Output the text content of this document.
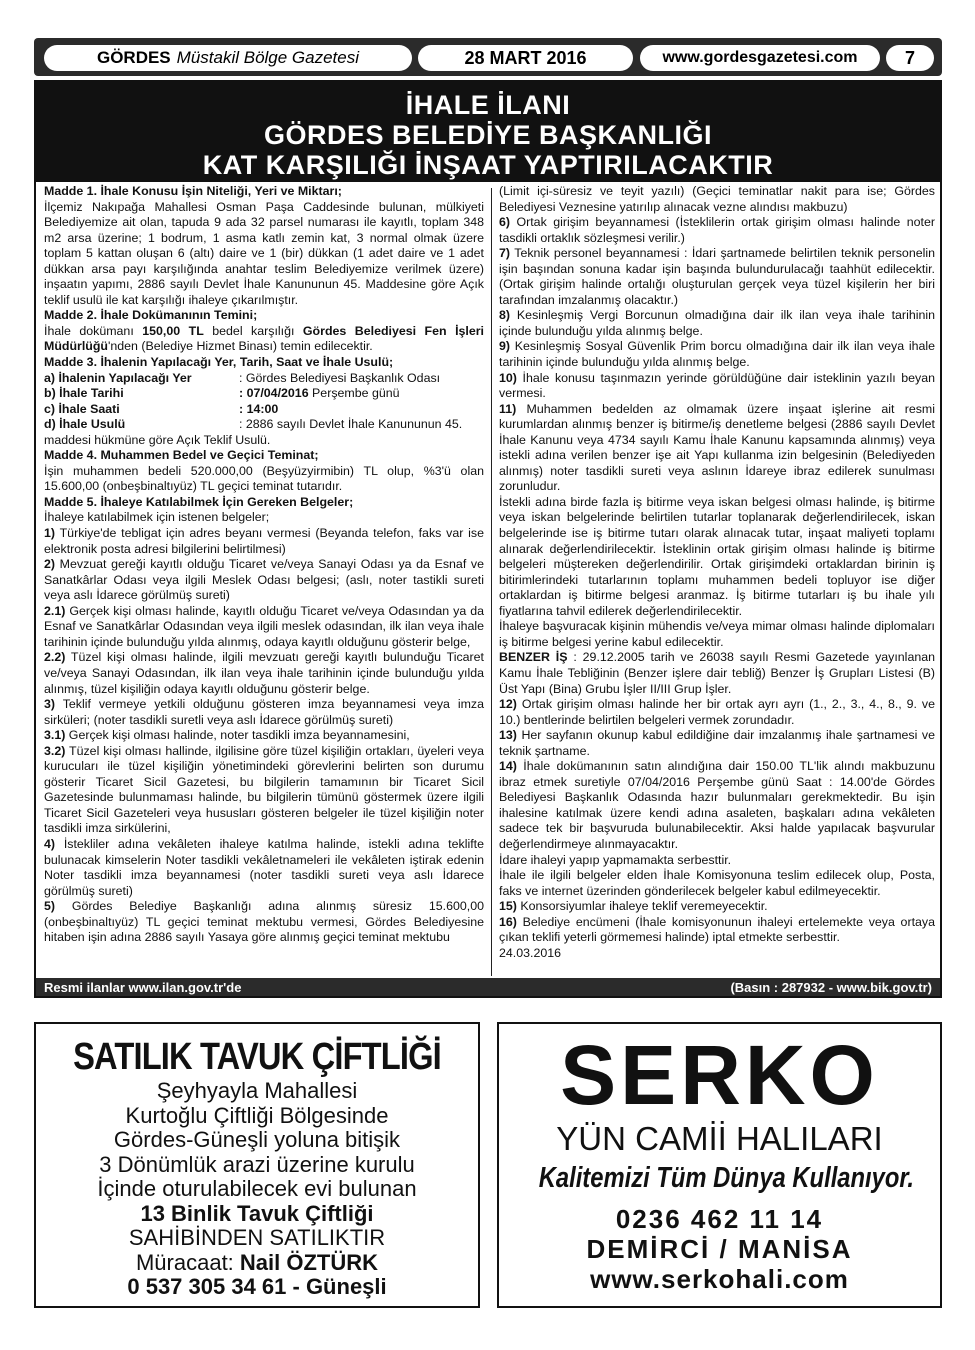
GÖRDES Müstakil Bölge Gazetesi	28 MART 2016	www.gordesgazetesi.com	7
İHALE İLANI
GÖRDES BELEDİYE BAŞKANLIĞI
KAT KARŞILIĞI İNŞAAT YAPTIRILACAKTIR
Madde 1. İhale Konusu İşin Niteliği, Yeri ve Miktarı;
İlçemiz Nakıpağa Mahallesi Osman Paşa Caddesinde bulunan, mülkiyeti Belediyemize ait olan, tapuda 9 ada 32 parsel numarası ile kayıtlı, toplam 348 m2 arsa üzerine; 1 bodrum, 1 asma katlı zemin kat, 3 normal olmak üzere toplam 5 kattan oluşan 6 (altı) daire ve 1 (bir) dükkan (1 adet daire ve 1 adet dükkan arsa payı karşılığında anahtar teslim Belediyemize verilmek üzere) inşaatın yapımı, 2886 sayılı Devlet İhale Kanununun 45. Maddesine göre Açık teklif usulü ile kat karşılığı ihaleye çıkarılmıştır.
Madde 2. İhale Dokümanının Temini;
İhale dokümanı 150,00 TL bedel karşılığı Gördes Belediyesi Fen İşleri Müdürlüğü'nden (Belediye Hizmet Binası) temin edilecektir.
Madde 3. İhalenin Yapılacağı Yer, Tarih, Saat ve İhale Usulü;
a) İhalenin Yapılacağı Yer	: Gördes Belediyesi Başkanlık Odası
b) İhale Tarihi	: 07/04/2016 Perşembe günü
c) İhale Saati	: 14:00
d) İhale Usulü	: 2886 sayılı Devlet İhale Kanununun 45.
maddesi hükmüne göre Açık Teklif Usulü.
Madde 4. Muhammen Bedel ve Geçici Teminat;
İşin muhammen bedeli 520.000,00 (Beşyüzyirmibin) TL olup, %3'ü olan 15.600,00 (onbeşbinaltıyüz) TL geçici teminat tutarıdır.
Madde 5. İhaleye Katılabilmek İçin Gereken Belgeler;
İhaleye katılabilmek için istenen belgeler;
1) Türkiye'de tebligat için adres beyanı vermesi (Beyanda telefon, faks var ise elektronik posta adresi bilgilerini belirtilmesi)
2) Mevzuat gereği kayıtlı olduğu Ticaret ve/veya Sanayi Odası ya da Esnaf ve Sanatkârlar Odası veya ilgili Meslek Odası belgesi; (aslı, noter tastikli sureti veya aslı İdarece görülmüş sureti)
2.1) Gerçek kişi olması halinde, kayıtlı olduğu Ticaret ve/veya Odasından ya da Esnaf ve Sanatkârlar Odasından veya ilgili meslek odasından, ilk ilan veya ihale tarihinin içinde bulunduğu yılda alınmış, odaya kayıtlı olduğunu gösterir belge,
2.2) Tüzel kişi olması halinde, ilgili mevzuatı gereği kayıtlı bulunduğu Ticaret ve/veya Sanayi Odasından, ilk ilan veya ihale tarihinin içinde bulunduğu yılda alınmış, tüzel kişiliğin odaya kayıtlı olduğunu gösterir belge.
3) Teklif vermeye yetkili olduğunu gösteren imza beyannamesi veya imza sirküleri; (noter tasdikli suretli veya aslı İdarece görülmüş sureti)
3.1) Gerçek kişi olması halinde, noter tasdikli imza beyannamesini,
3.2) Tüzel kişi olması hallinde, ilgilisine göre tüzel kişiliğin ortakları, üyeleri veya kurucuları ile tüzel kişiliğin yönetimindeki görevlerini belirten son durumu gösterir Ticaret Sicil Gazetesi, bu bilgilerin tamamının bir Ticaret Sicil Gazetesinde bulunmaması halinde, bu bilgilerin tümünü göstermek üzere ilgili Ticaret Sicil Gazeteleri veya hususları gösteren belgeler ile tüzel kişiliğin noter tasdikli imza sirkülerini,
4) İstekliler adına vekâleten ihaleye katılma halinde, istekli adına teklifte bulunacak kimselerin Noter tasdikli vekâletnameleri ile vekâleten iştirak edenin Noter tasdikli imza beyannamesi (noter tasdikli sureti veya aslı İdarece görülmüş sureti)
5) Gördes Belediye Başkanlığı adına alınmış süresiz 15.600,00 (onbeşbinaltıyüz) TL geçici teminat mektubu vermesi, Gördes Belediyesine hitaben işin adına 2886 sayılı Yasaya göre alınmış geçici teminat mektubu
(Limit içi-süresiz ve teyit yazılı) (Geçici teminatlar nakit para ise; Gördes Belediyesi Veznesine yatırılıp alınacak vezne alındısı makbuzu)
6) Ortak girişim beyannamesi (İsteklilerin ortak girişim olması halinde noter tasdikli ortaklık sözleşmesi verilir.)
7) Teknik personel beyannamesi : İdari şartnamede belirtilen teknik personelin işin başından sonuna kadar işin başında bulundurulacağı taahhüt edilecektir. (Ortak girişim halinde ortalığı oluşturulan gerçek veya tüzel kişilerin her biri tarafından imzalanmış olacaktır.)
8) Kesinleşmiş Vergi Borcunun olmadığına dair ilk ilan veya ihale tarihinin içinde bulunduğu yılda alınmış belge.
9) Kesinleşmiş Sosyal Güvenlik Prim borcu olmadığına dair ilk ilan veya ihale tarihinin içinde bulunduğu yılda alınmış belge.
10) İhale konusu taşınmazın yerinde görüldüğüne dair isteklinin yazılı beyan vermesi.
11) Muhammen bedelden az olmamak üzere inşaat işlerine ait resmi kurumlardan alınmış benzer iş bitirme/iş denetleme belgesi (2886 sayılı Devlet İhale Kanunu veya 4734 sayılı Kamu İhale Kanunu kapsamında alınmış) veya istekli adına verilen benzer işe ait Yapı kullanma izin belgesinin (Belediyeden alınmış) noter tasdikli sureti veya aslının İdareye ibraz edilerek sunulması zorunludur.
İstekli adına birde fazla iş bitirme veya iskan belgesi olması halinde, iş bitirme veya iskan belgelerinde belirtilen tutarlar toplanarak değerlendirilecek, iskan belgelerinde ise iş bitirme tutarı olarak alınacak tutar, inşaat maliyeti toplamı alınarak değerlendirilecektir. İsteklinin ortak girişim olması halinde iş bitirme belgeleri müştereken değerlendirilir. Ortak girişimdeki ortaklardan birinin iş bitirimlerindeki tutarlarının toplamı muhammen bedeli topluyor ise diğer ortaklardan iş bitirme belgesi aranmaz. İş bitirme tutarları iş bu ihale yılı fiyatlarına tahvil edilerek değerlendirilecektir.
İhaleye başvuracak kişinin mühendis ve/veya mimar olması halinde diplomaları iş bitirme belgesi yerine kabul edilecektir.
BENZER İŞ : 29.12.2005 tarih ve 26038 sayılı Resmi Gazetede yayınlanan Kamu İhale Tebliğinin (Benzer işlere dair tebliğ) Benzer İş Grupları Listesi (B) Üst Yapı (Bina) Grubu İşler II/III Grup İşler.
12) Ortak girişim olması halinde her bir ortak ayrı ayrı (1., 2., 3., 4., 8., 9. ve 10.) bentlerinde belirtilen belgeleri vermek zorundadır.
13) Her sayfanın okunup kabul edildiğine dair imzalanmış ihale şartnamesi ve teknik şartname.
14) İhale dokümanının satın alındığına dair 150.00 TL'lik alındı makbuzunu ibraz etmek suretiyle 07/04/2016 Perşembe günü Saat : 14.00'de Gördes Belediyesi Başkanlık Odasında hazır bulunmaları gerekmektedir. Bu işin ihalesine katılmak üzere kendi adına asaleten, başkaları adına vekâleten sadece tek bir başvuruda bulunabilecektir. Aksi halde yapılacak başvurular değerlendirmeye alınmayacaktır.
İdare ihaleyi yapıp yapmamakta serbesttir.
İhale ile ilgili belgeler elden İhale Komisyonuna teslim edilecek olup, Posta, faks ve internet üzerinden gönderilecek belgeler kabul edilmeyecektir.
15) Konsorsiyumlar ihaleye teklif veremeyecektir.
16) Belediye encümeni (İhale komisyonunun ihaleyi ertelemekte veya ortaya çıkan teklifi yeterli görmemesi halinde) iptal etmekte serbesttir.
24.03.2016
Resmi ilanlar www.ilan.gov.tr'de	(Basın : 287932 - www.bik.gov.tr)
SATILIK TAVUK ÇİFTLİĞİ
Şeyhyayla Mahallesi
Kurtoğlu Çiftliği Bölgesinde
Gördes-Güneşli yoluna bitişik
3 Dönümlük arazi üzerine kurulu
İçinde oturulabilecek evi bulunan
13 Binlik Tavuk Çiftliği
SAHİBİNDEN SATILIKTIR
Müracaat: Nail ÖZTÜRK
0 537 305 34 61 - Güneşli
SERKO
YÜN CAMİİ HALILARI
Kalitemizi Tüm Dünya Kullanıyor.
0236 462 11 14
DEMİRCİ / MANİSA
www.serkohali.com
